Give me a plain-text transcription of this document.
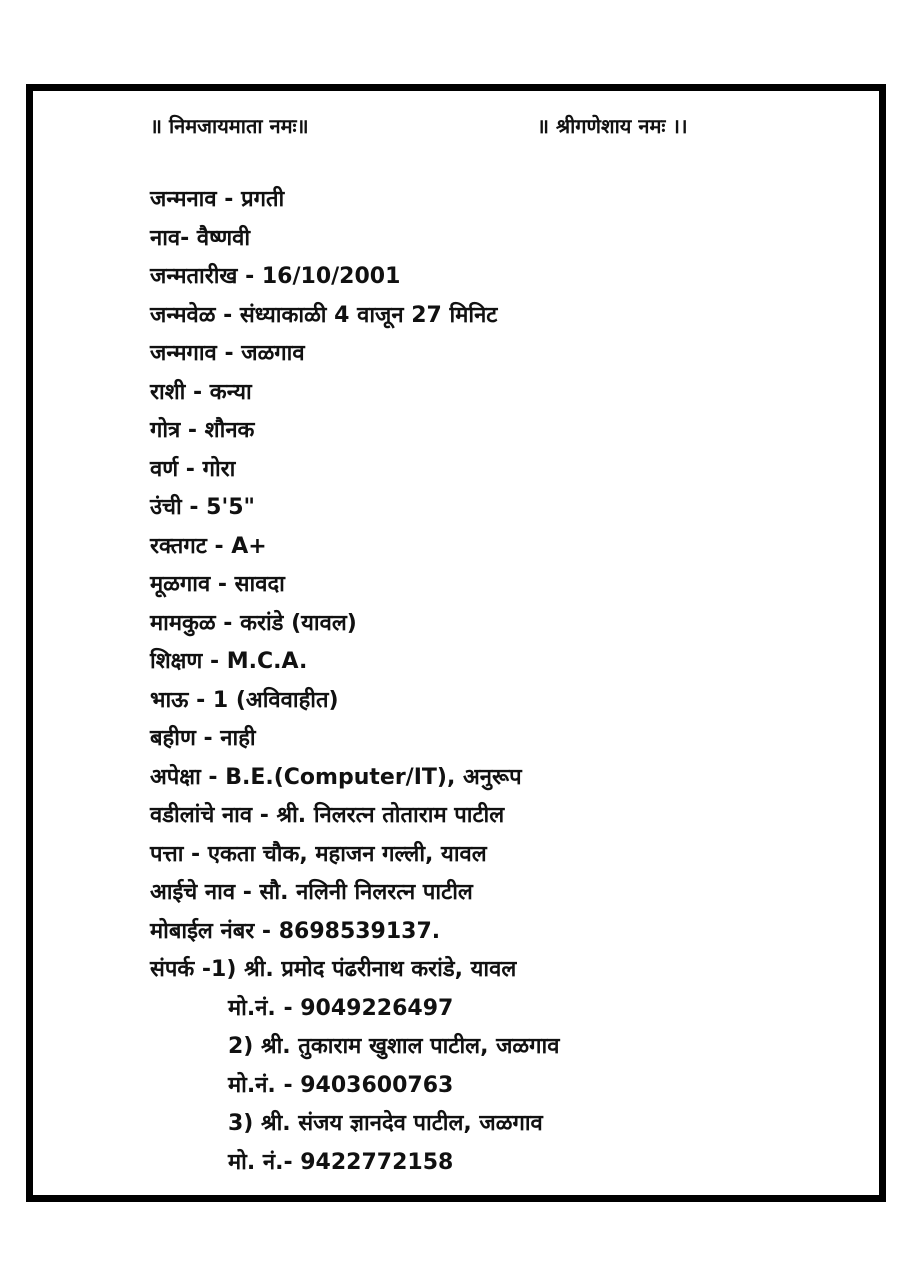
॥ निमजायमाता नमः॥	॥ श्रीगणेशाय नमः ।।
जन्मनाव - प्रगती
नाव- वैष्णवी
जन्मतारीख - 16/10/2001
जन्मवेळ - संध्याकाळी 4 वाजून 27 मिनिट
जन्मगाव - जळगाव
राशी - कन्या
गोत्र - शौनक
वर्ण - गोरा
उंची - 5'5"
रक्तगट - A+
मूळगाव - सावदा
मामकुळ - करांडे (यावल)
शिक्षण - M.C.A.
भाऊ - 1 (अविवाहीत)
बहीण - नाही
अपेक्षा - B.E.(Computer/IT), अनुरूप
वडीलांचे नाव - श्री. निलरत्न तोताराम पाटील
पत्ता - एकता चौक, महाजन गल्ली, यावल
आईचे नाव - सौ. नलिनी निलरत्न पाटील
मोबाईल नंबर - 8698539137.
संपर्क -1) श्री. प्रमोद पंढरीनाथ करांडे, यावल
मो.नं. - 9049226497
2) श्री. तुकाराम खुशाल पाटील, जळगाव
मो.नं. - 9403600763
3) श्री. संजय ज्ञानदेव पाटील, जळगाव
मो. नं.- 9422772158
